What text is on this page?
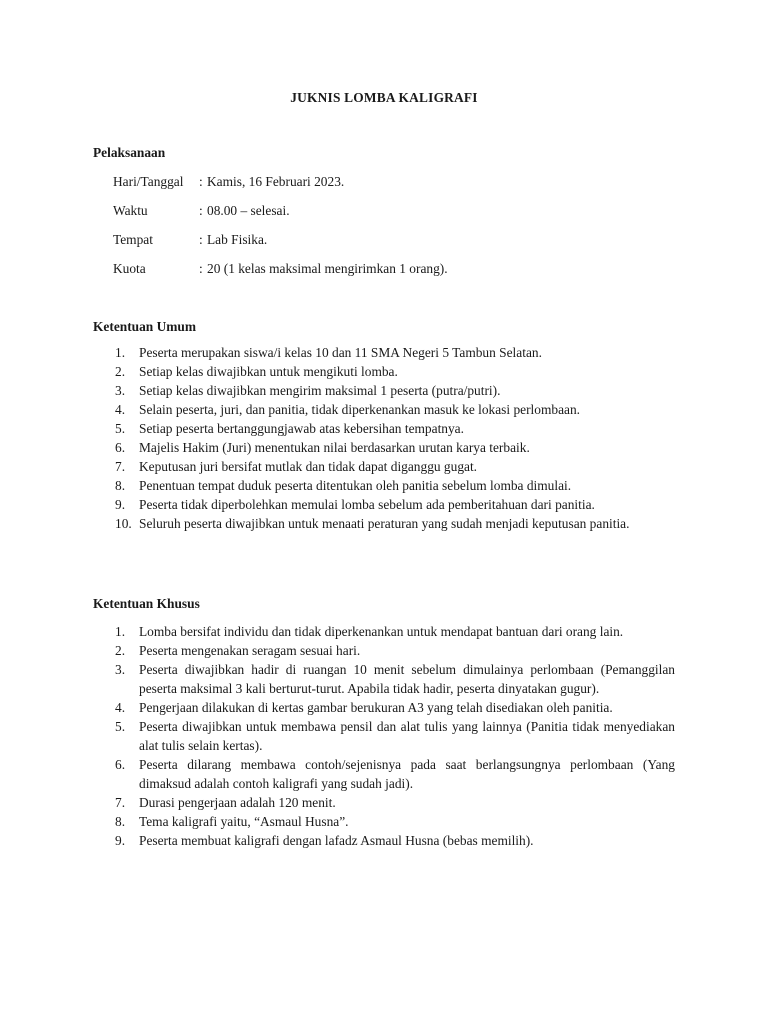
JUKNIS LOMBA KALIGRAFI
Pelaksanaan
Hari/Tanggal : Kamis, 16 Februari 2023.
Waktu	: 08.00 – selesai.
Tempat	: Lab Fisika.
Kuota	: 20 (1 kelas maksimal mengirimkan 1 orang).
Ketentuan Umum
1. Peserta merupakan siswa/i kelas 10 dan 11 SMA Negeri 5 Tambun Selatan.
2. Setiap kelas diwajibkan untuk mengikuti lomba.
3. Setiap kelas diwajibkan mengirim maksimal 1 peserta (putra/putri).
4. Selain peserta, juri, dan panitia, tidak diperkenankan masuk ke lokasi perlombaan.
5. Setiap peserta bertanggungjawab atas kebersihan tempatnya.
6. Majelis Hakim (Juri) menentukan nilai berdasarkan urutan karya terbaik.
7. Keputusan juri bersifat mutlak dan tidak dapat diganggu gugat.
8. Penentuan tempat duduk peserta ditentukan oleh panitia sebelum lomba dimulai.
9. Peserta tidak diperbolehkan memulai lomba sebelum ada pemberitahuan dari panitia.
10. Seluruh peserta diwajibkan untuk menaati peraturan yang sudah menjadi keputusan panitia.
Ketentuan Khusus
1. Lomba bersifat individu dan tidak diperkenankan untuk mendapat bantuan dari orang lain.
2. Peserta mengenakan seragam sesuai hari.
3. Peserta diwajibkan hadir di ruangan 10 menit sebelum dimulainya perlombaan (Pemanggilan peserta maksimal 3 kali berturut-turut. Apabila tidak hadir, peserta dinyatakan gugur).
4. Pengerjaan dilakukan di kertas gambar berukuran A3 yang telah disediakan oleh panitia.
5. Peserta diwajibkan untuk membawa pensil dan alat tulis yang lainnya (Panitia tidak menyediakan alat tulis selain kertas).
6. Peserta dilarang membawa contoh/sejenisnya pada saat berlangsungnya perlombaan (Yang dimaksud adalah contoh kaligrafi yang sudah jadi).
7. Durasi pengerjaan adalah 120 menit.
8. Tema kaligrafi yaitu, “Asmaul Husna”.
9. Peserta membuat kaligrafi dengan lafadz Asmaul Husna (bebas memilih).
